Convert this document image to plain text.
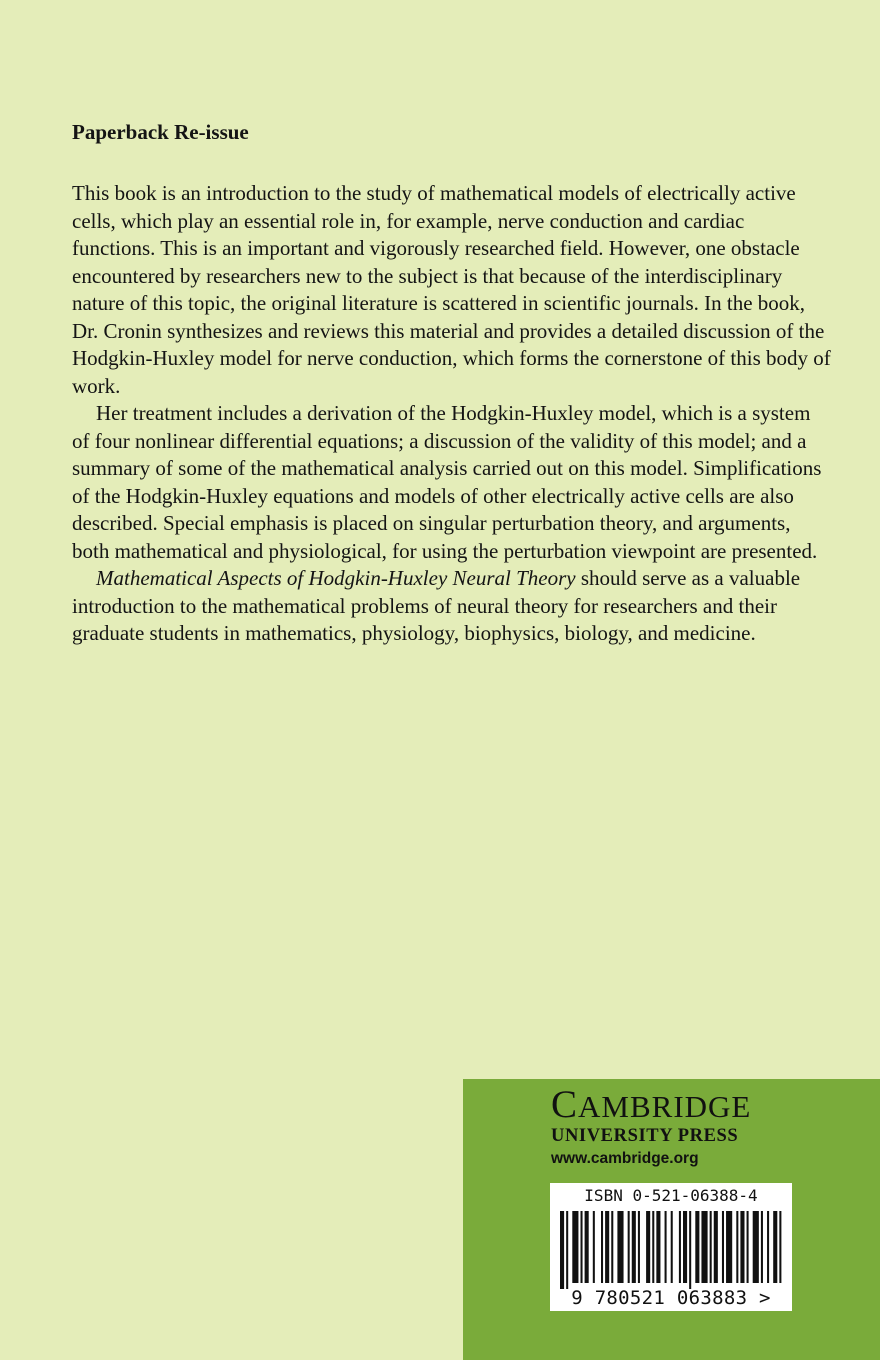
Paperback Re-issue

This book is an introduction to the study of mathematical models of electrically active cells, which play an essential role in, for example, nerve conduction and cardiac functions. This is an important and vigorously researched field. However, one obstacle encountered by researchers new to the subject is that because of the interdisciplinary nature of this topic, the original literature is scattered in scientific journals. In the book, Dr. Cronin synthesizes and reviews this material and provides a detailed discussion of the Hodgkin-Huxley model for nerve conduction, which forms the cornerstone of this body of work.

Her treatment includes a derivation of the Hodgkin-Huxley model, which is a system of four nonlinear differential equations; a discussion of the validity of this model; and a summary of some of the mathematical analysis carried out on this model. Simplifications of the Hodgkin-Huxley equations and models of other electrically active cells are also described. Special emphasis is placed on singular perturbation theory, and arguments, both mathematical and physiological, for using the perturbation viewpoint are presented.

Mathematical Aspects of Hodgkin-Huxley Neural Theory should serve as a valuable introduction to the mathematical problems of neural theory for researchers and their graduate students in mathematics, physiology, biophysics, biology, and medicine.

CAMBRIDGE
UNIVERSITY PRESS
www.cambridge.org
ISBN 0-521-06388-4
9 780521 063883 >
